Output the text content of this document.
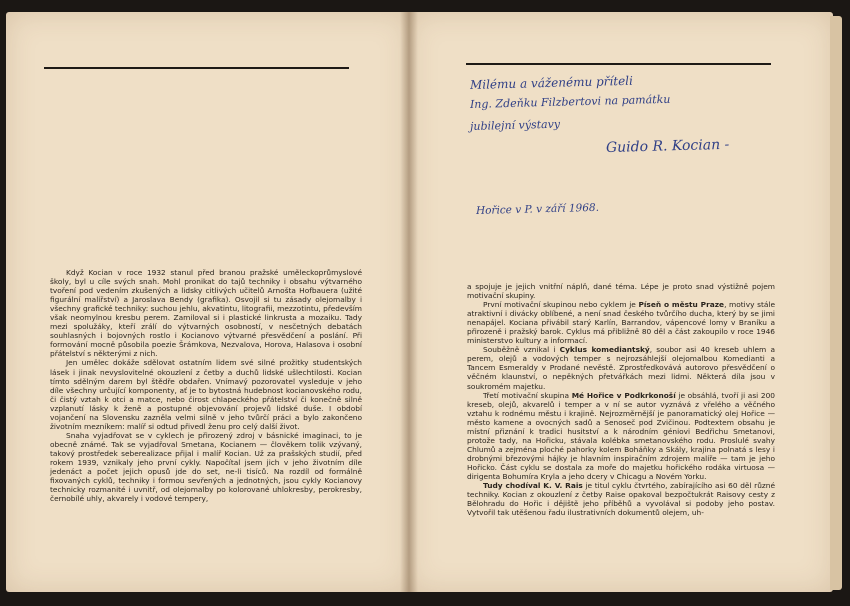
Milému a váženému příteli
Ing. Zdeňku Filzbertovi na památku
jubilejní výstavy
Guido R. Kocian -
Hořice v P. v září 1968.

Když Kocian v roce 1932 stanul před branou pražské uměleckoprůmyslové školy, byl u cíle svých snah. Mohl pronikat do tajů techniky i obsahu výtvarného tvoření pod vedením zkušených a lidsky citlivých učitelů Arnošta Hofbauera (užité figurální malířství) a Jaroslava Bendy (grafika). Osvojil si tu zásady olejomalby i všechny grafické techniky: suchou jehlu, akvatintu, litografii, mezzotintu, především však neomylnou kresbu perem. Zamiloval si i plastické linkrusta a mozaiku. Tady mezi spolužáky, kteří zrálí do výtvarných osobností, v nesčetných debatách souhlasných i bojovných rostlo i Kocianovo výtvarné přesvědčení a poslání. Při formování mocně působila poezie Šrámkova, Nezvalova, Horova, Halasova i osobní přátelství s některými z nich.

Jen umělec dokáže sdělovat ostatním lidem své silné prožitky studentských lásek i jinak nevyslovitelné okouzlení z četby a duchů lidské ušlechtilosti. Kocian tímto sdělným darem byl štědře obdařen. Vnímavý pozorovatel vysleduje v jeho díle všechny určující komponenty, ať je to bytostná hudebnost kocianovského rodu, či čistý vztah k otci a matce, nebo čirost chlapeckého přátelství či konečně silně vzplanutí lásky k ženě a postupné objevování projevů lidské duše. I období vojančení na Slovensku zazněla velmi silně v jeho tvůrčí práci a bylo zakončeno životním mezníkem: malíř si odtud přivedl ženu pro celý další život.

Snaha vyjadřovat se v cyklech je přirozený zdroj v básnické imaginaci, to je obecně známé. Tak se vyjadřoval Smetana, Kocianem — člověkem tolik vzývaný, takový prostředek seberealizace přijal i malíř Kocian. Už za prašských studií, před rokem 1939, vznikaly jeho první cykly. Napočítal jsem jich v jeho životním díle jedenáct a počet jejich opusů jde do set, ne-li tisíců. Na rozdíl od formálně fixovaných cyklů, techniky i formou sevřených a jednotných, jsou cykly Kocianovy technicky rozmanité i uvnitř, od olejomalby po kolorované uhlokresby, perokresby, černobílé uhly, akvarely i vodové tempery,

a spojuje je jejich vnitřní náplň, dané téma. Lépe je proto snad výstižně pojem motivační skupiny.

První motivační skupinou nebo cyklem je Píseň o městu Praze, motivy stále atraktivní i divácky oblíbené, a není snad českého tvůrčího ducha, který by se jimi nenapájel. Kociana přivábil starý Karlín, Barrandov, vápencové lomy v Braníku a přirozeně i pražský barok. Cyklus má přibližně 80 děl a část zakoupilo v roce 1946 ministerstvo kultury a informací.

Souběžně vznikal i Cyklus komediantský, soubor asi 40 kreseb uhlem a perem, olejů a vodových temper s nejrozsáhlejší olejomalbou Komedianti a Tancem Esmeraldy v Prodané nevěstě. Zprostředkovává autorovo přesvědčení o věčném klaunství, o nepěkných přetvářkách mezi lidmi. Některá díla jsou v soukromém majetku.

Třetí motivační skupina Mé Hořice v Podkrkonoší je obsáhlá, tvoří ji asi 200 kreseb, olejů, akvarelů i temper a v ní se autor vyznává z vřelého a věčného vztahu k rodnému městu i krajině. Nejrozměrnější je panoramatický olej Hořice — město kamene a ovocných sadů a Senoseč pod Zvičinou. Podtextem obsahu je místní přiznání k tradici husitství a k národním géniovi Bedřichu Smetanovi, protože tady, na Hořicku, stávala kolébka smetanovského rodu. Proslulé svahy Chlumů a zejména ploché pahorky kolem Boháňky a Skály, krajina polnatá s lesy i drobnými březovými hájky je hlavním inspiračním zdrojem malíře — tam je jeho Hořicko. Část cyklu se dostala za moře do majetku hořického rodáka virtuosa — dirigenta Bohumíra Kryla a jeho dcery v Chicagu a Novém Yorku.

Tudy chodíval K. V. Rais je titul cyklu čtvrtého, zabírajícího asi 60 děl různé techniky. Kocian z okouzlení z četby Raise opakoval bezpočtukrát Raisovy cesty z Bělohradu do Hořic i dějiště jeho příběhů a vyvolával si podoby jeho postav. Vytvořil tak utěšenou řadu ilustrativních dokumentů olejem, uh-
